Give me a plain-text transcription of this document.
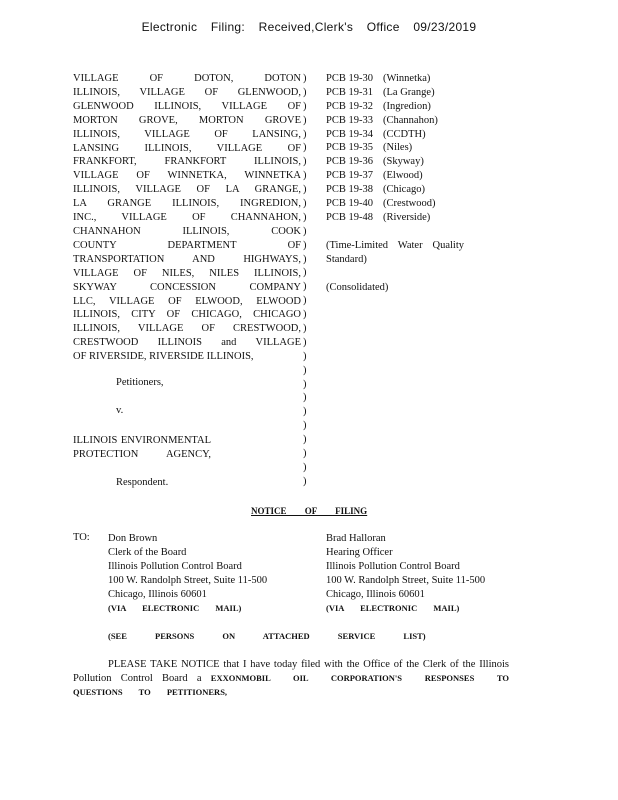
Electronic Filing: Received,Clerk's Office 09/23/2019
VILLAGE OF DOTON, DOTON
ILLINOIS, VILLAGE OF GLENWOOD,
GLENWOOD ILLINOIS, VILLAGE OF
MORTON GROVE, MORTON GROVE
ILLINOIS, VILLAGE OF LANSING,
LANSING ILLINOIS, VILLAGE OF
FRANKFORT, FRANKFORT ILLINOIS,
VILLAGE OF WINNETKA, WINNETKA
ILLINOIS, VILLAGE OF LA GRANGE,
LA GRANGE ILLINOIS, INGREDION,
INC., VILLAGE OF CHANNAHON,
CHANNAHON ILLINOIS, COOK
COUNTY DEPARTMENT OF
TRANSPORTATION AND HIGHWAYS,
VILLAGE OF NILES, NILES ILLINOIS,
SKYWAY CONCESSION COMPANY
LLC, VILLAGE OF ELWOOD, ELWOOD
ILLINOIS, CITY OF CHICAGO, CHICAGO
ILLINOIS, VILLAGE OF CRESTWOOD,
CRESTWOOD ILLINOIS and VILLAGE
OF RIVERSIDE, RIVERSIDE ILLINOIS,
)
)
)
)
)
)
)
)
)
)
)
)
)
)
)
)
)
)
)
)
)
)
)
)
)
)
)
)
)
)
PCB 19-30 (Winnetka)
PCB 19-31 (La Grange)
PCB 19-32 (Ingredion)
PCB 19-33 (Channahon)
PCB 19-34 (CCDTH)
PCB 19-35 (Niles)
PCB 19-36 (Skyway)
PCB 19-37 (Elwood)
PCB 19-38 (Chicago)
PCB 19-40 (Crestwood)
PCB 19-48 (Riverside)
(Time-Limited Water Quality Standard)
(Consolidated)
Petitioners,
v.
ILLINOIS ENVIRONMENTAL
PROTECTION AGENCY,
Respondent.
NOTICE OF FILING
TO: Don Brown
Clerk of the Board
Illinois Pollution Control Board
100 W. Randolph Street, Suite 11-500
Chicago, Illinois 60601
(VIA ELECTRONIC MAIL)
Brad Halloran
Hearing Officer
Illinois Pollution Control Board
100 W. Randolph Street, Suite 11-500
Chicago, Illinois 60601
(VIA ELECTRONIC MAIL)
(SEE PERSONS ON ATTACHED SERVICE LIST)
PLEASE TAKE NOTICE that I have today filed with the Office of the Clerk of the Illinois Pollution Control Board a EXXONMOBIL OIL CORPORATION'S RESPONSES TO QUESTIONS TO PETITIONERS,
